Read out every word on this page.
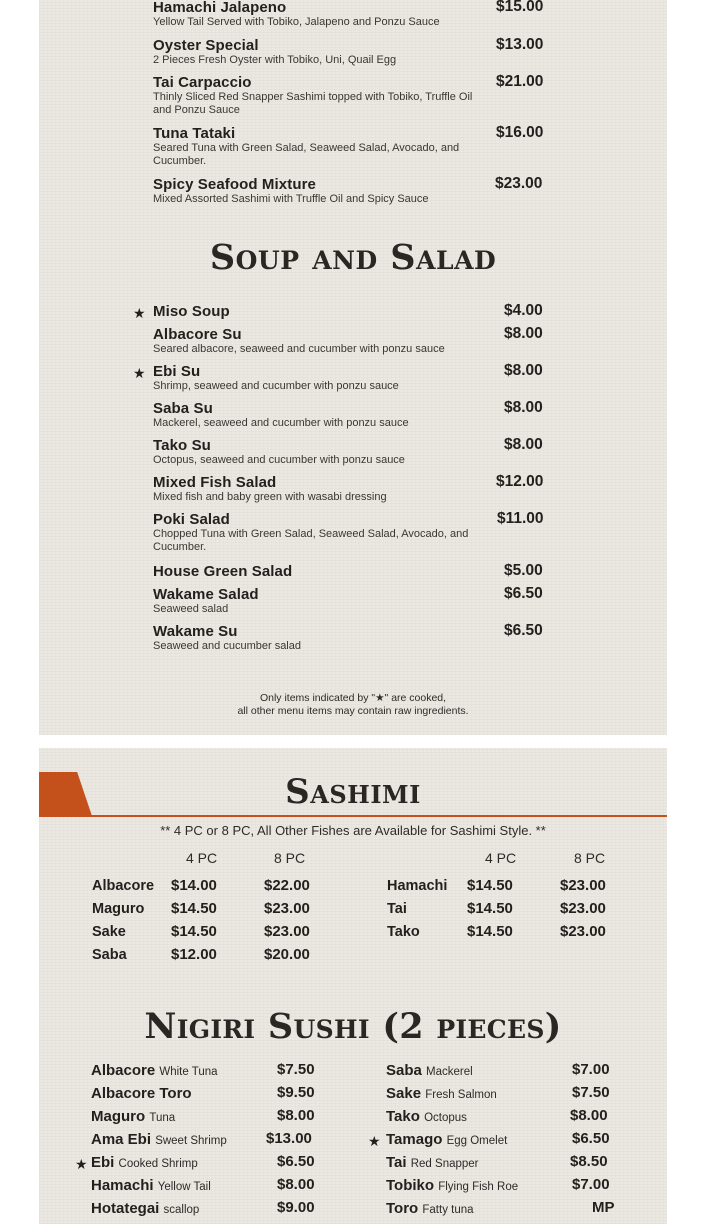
Hamachi Jalapeno
Yellow Tail Served with Tobiko, Jalapeno and Ponzu Sauce
$15.00
Oyster Special
2 Pieces Fresh Oyster with Tobiko, Uni, Quail Egg
$13.00
Tai Carpaccio
Thinly Sliced Red Snapper Sashimi topped with Tobiko, Truffle Oil and Ponzu Sauce
$21.00
Tuna Tataki
Seared Tuna with Green Salad, Seaweed Salad, Avocado, and Cucumber.
$16.00
Spicy Seafood Mixture
Mixed Assorted Sashimi with Truffle Oil and Spicy Sauce
$23.00
Soup and Salad
★ Miso Soup	$4.00
Albacore Su
Seared albacore, seaweed and cucumber with ponzu sauce
$8.00
★ Ebi Su
Shrimp, seaweed and cucumber with ponzu sauce
$8.00
Saba Su
Mackerel, seaweed and cucumber with ponzu sauce
$8.00
Tako Su
Octopus, seaweed and cucumber with ponzu sauce
$8.00
Mixed Fish Salad
Mixed fish and baby green with wasabi dressing
$12.00
Poki Salad
Chopped Tuna with Green Salad, Seaweed Salad, Avocado, and Cucumber.
$11.00
House Green Salad	$5.00
Wakame Salad
Seaweed salad
$6.50
Wakame Su
Seaweed and cucumber salad
$6.50
Only items indicated by "★" are cooked,
all other menu items may contain raw ingredients.
Sashimi
** 4 PC or 8 PC, All Other Fishes are Available for Sashimi Style. **
4 PC	8 PC	4 PC	8 PC
Albacore $14.00	$22.00
Maguro $14.50	$23.00
Sake	$14.50	$23.00
Saba	$12.00	$20.00
Hamachi $14.50	$23.00
Tai	$14.50	$23.00
Tako	$14.50	$23.00
Nigiri Sushi (2 pieces)
Albacore White Tuna	$7.50
Albacore Toro	$9.50
Maguro Tuna	$8.00
Ama Ebi Sweet Shrimp	$13.00
★ Ebi Cooked Shrimp	$6.50
Hamachi Yellow Tail	$8.00
Hotategai scallop	$9.00
Saba Mackerel	$7.00
Sake Fresh Salmon	$7.50
Tako Octopus	$8.00
★ Tamago Egg Omelet	$6.50
Tai Red Snapper	$8.50
Tobiko Flying Fish Roe	$7.00
Toro Fatty tuna	MP
